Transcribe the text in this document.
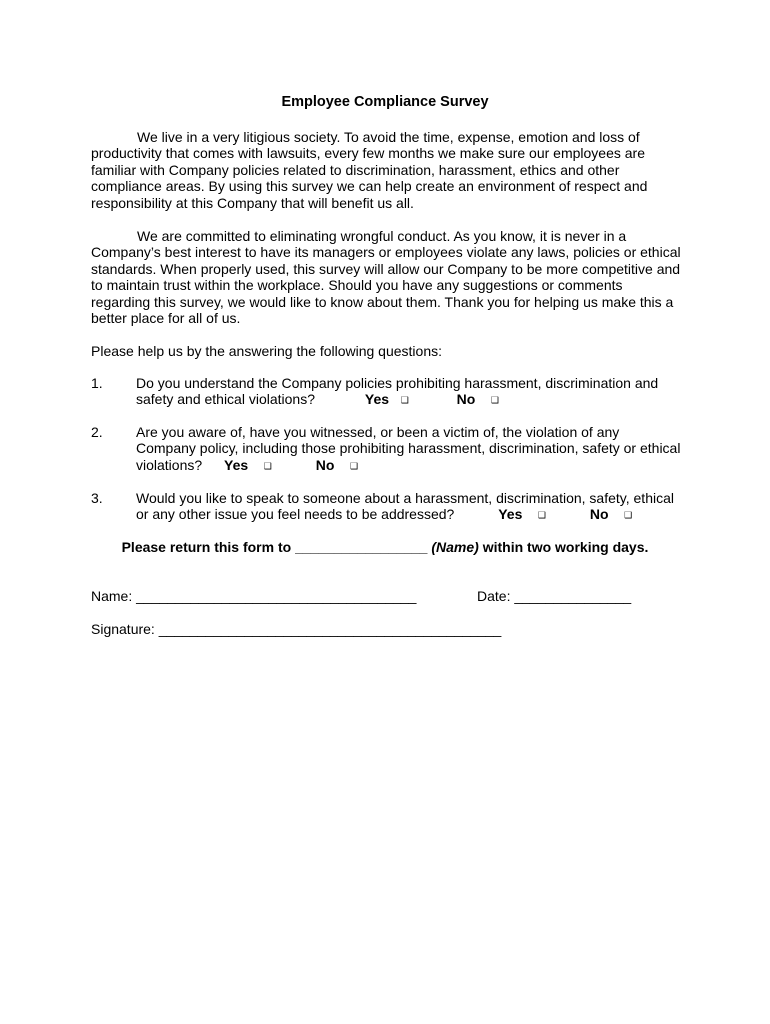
Employee Compliance Survey

We live in a very litigious society. To avoid the time, expense, emotion and loss of productivity that comes with lawsuits, every few months we make sure our employees are familiar with Company policies related to discrimination, harassment, ethics and other compliance areas. By using this survey we can help create an environment of respect and responsibility at this Company that will benefit us all.

We are committed to eliminating wrongful conduct. As you know, it is never in a Company’s best interest to have its managers or employees violate any laws, policies or ethical standards. When properly used, this survey will allow our Company to be more competitive and to maintain trust within the workplace. Should you have any suggestions or comments regarding this survey, we would like to know about them. Thank you for helping us make this a better place for all of us.

Please help us by the answering the following questions:

1. Do you understand the Company policies prohibiting harassment, discrimination and safety and ethical violations?	Yes ❑	No ❑
2. Are you aware of, have you witnessed, or been a victim of, the violation of any Company policy, including those prohibiting harassment, discrimination, safety or ethical violations? Yes ❑	No ❑
3. Would you like to speak to someone about a harassment, discrimination, safety, ethical or any other issue you feel needs to be addressed?	Yes ❑	No ❑
Please return this form to _________________ (Name) within two working days.
Name: ____________________________________	Date: _______________
Signature: ____________________________________________
